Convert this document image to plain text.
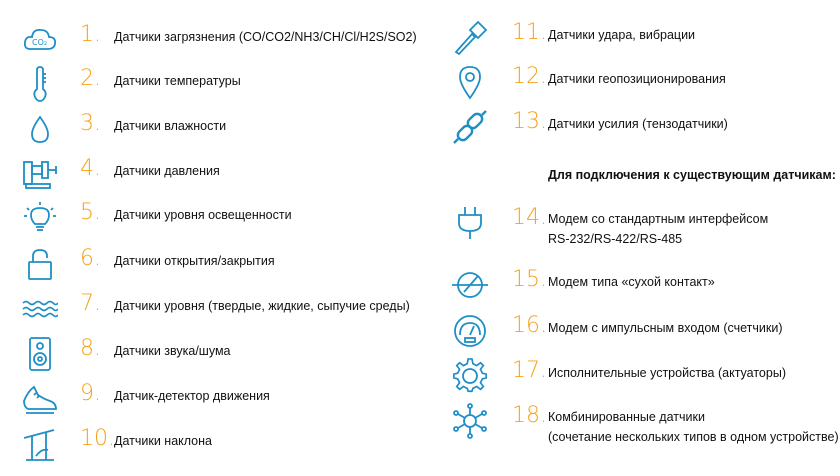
CO₂ 1. Датчики загрязнения (CO/CO2/NH3/CH/Cl/H2S/SO2)
2. Датчики температуры
3. Датчики влажности
4. Датчики давления
5. Датчики уровня освещенности
6. Датчики открытия/закрытия
7. Датчики уровня (твердые, жидкие, сыпучие среды)
8. Датчики звука/шума
9. Датчик-детектор движения
10. Датчики наклона
11. Датчики удара, вибрации
12. Датчики геопозиционирования
13. Датчики усилия (тензодатчики)
Для подключения к существующим датчикам:
14. Модем со стандартным интерфейсом
RS-232/RS-422/RS-485
15. Модем типа «сухой контакт»
16. Модем с импульсным входом (счетчики)
17. Исполнительные устройства (актуаторы)
18. Комбинированные датчики
(сочетание нескольких типов в одном устройстве)
